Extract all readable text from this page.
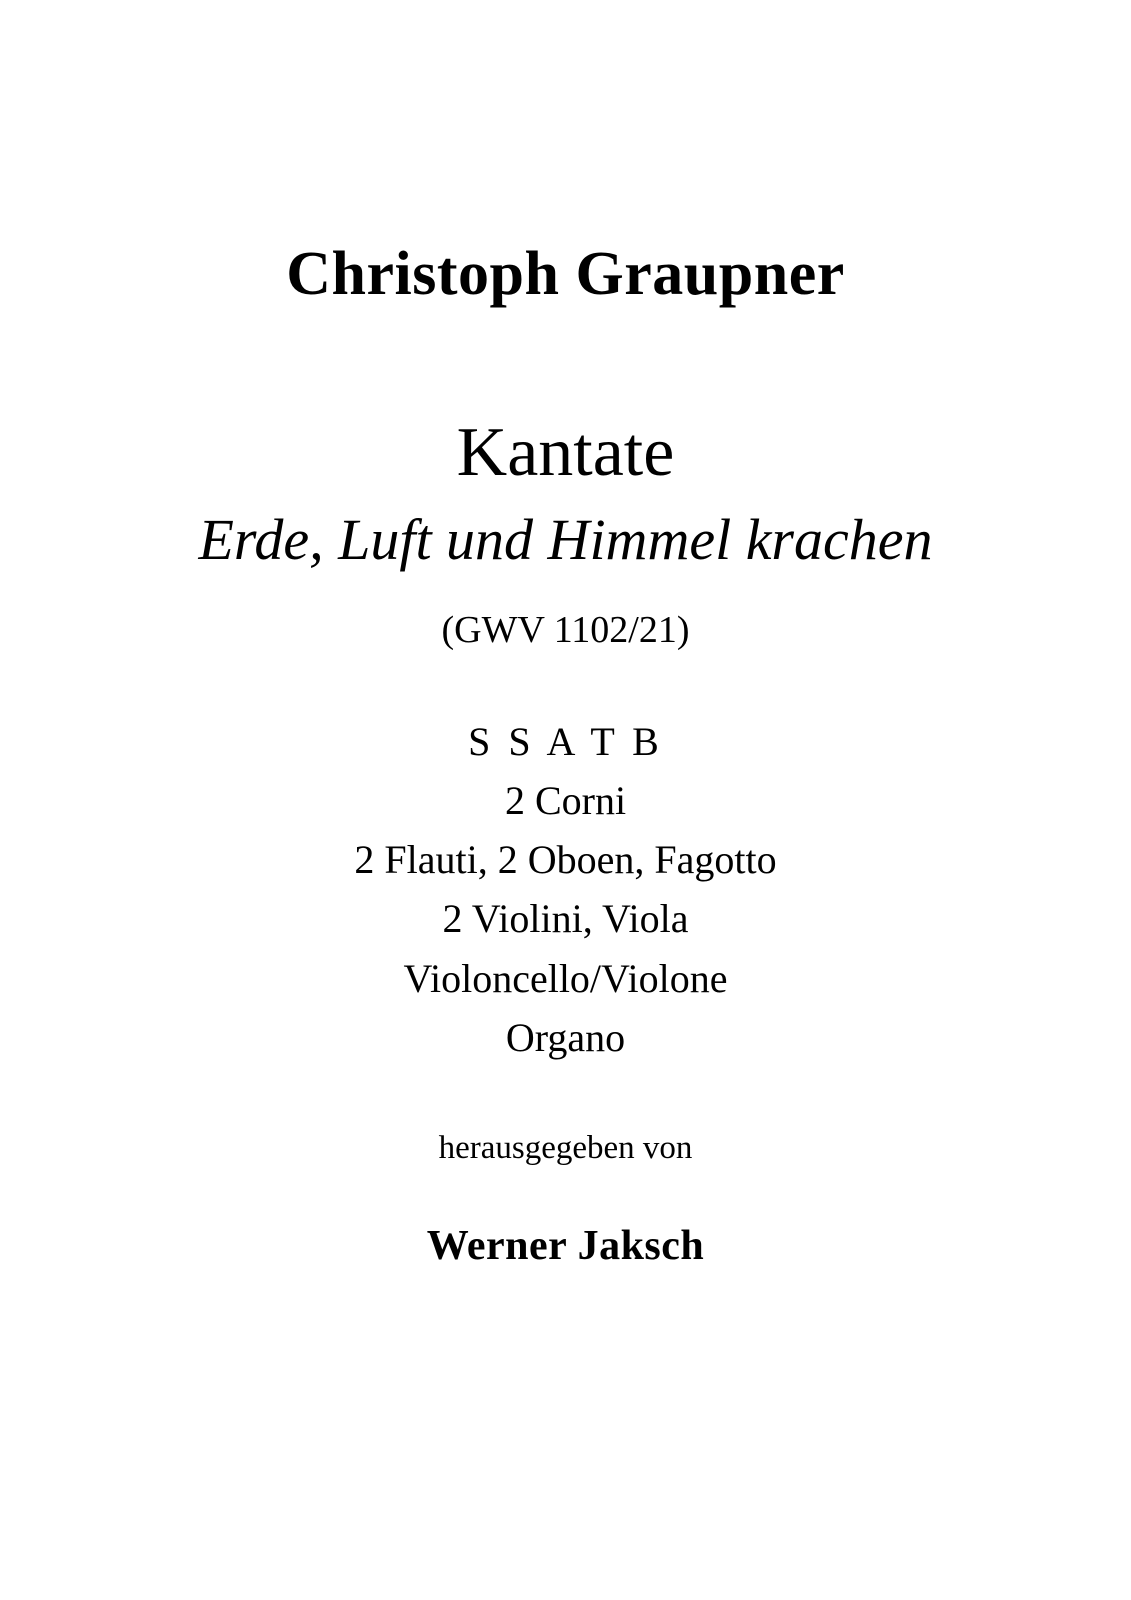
Christoph Graupner
Kantate
Erde, Luft und Himmel krachen
(GWV 1102/21)
S S A T B
2 Corni
2 Flauti, 2 Oboen, Fagotto
2 Violini, Viola
Violoncello/Violone
Organo
herausgegeben von
Werner Jaksch
